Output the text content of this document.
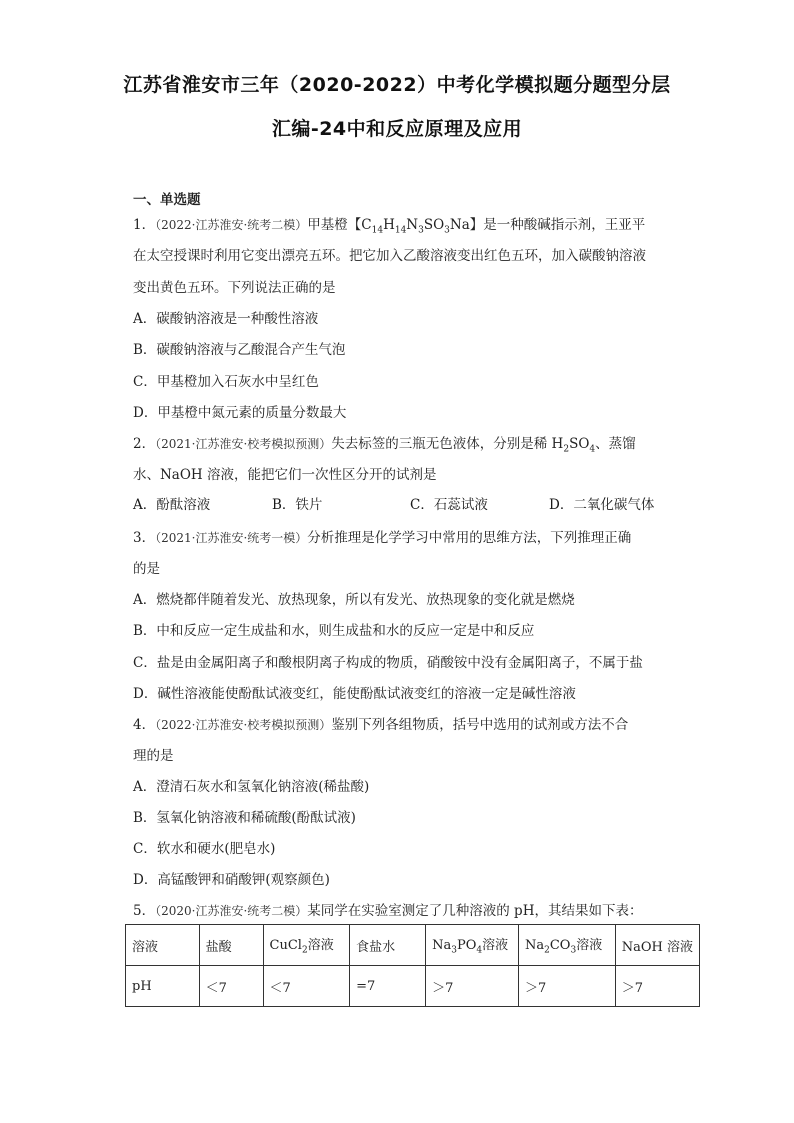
江苏省淮安市三年（2020-2022）中考化学模拟题分题型分层
汇编-24中和反应原理及应用
一、单选题
1．（2022·江苏淮安·统考二模）甲基橙【$C_{14}H_{14}N_3SO_3Na$】是一种酸碱指示剂，王亚平
在太空授课时利用它变出漂亮五环。把它加入乙酸溶液变出红色五环，加入碳酸钠溶液
变出黄色五环。下列说法正确的是
A．碳酸钠溶液是一种酸性溶液
B．碳酸钠溶液与乙酸混合产生气泡
C．甲基橙加入石灰水中呈红色
D．甲基橙中氮元素的质量分数最大
2．（2021·江苏淮安·校考模拟预测）失去标签的三瓶无色液体，分别是稀 $H_2SO_4$、蒸馏
水、NaOH 溶液，能把它们一次性区分开的试剂是
A．酚酞溶液	B．铁片	C．石蕊试液	D．二氧化碳气体
3．（2021·江苏淮安·统考一模）分析推理是化学学习中常用的思维方法，下列推理正确
的是
A．燃烧都伴随着发光、放热现象，所以有发光、放热现象的变化就是燃烧
B．中和反应一定生成盐和水，则生成盐和水的反应一定是中和反应
C．盐是由金属阳离子和酸根阴离子构成的物质，硝酸铵中没有金属阳离子，不属于盐
D．碱性溶液能使酚酞试液变红，能使酚酞试液变红的溶液一定是碱性溶液
4．（2022·江苏淮安·校考模拟预测）鉴别下列各组物质，括号中选用的试剂或方法不合
理的是
A．澄清石灰水和氢氧化钠溶液(稀盐酸)
B．氢氧化钠溶液和稀硫酸(酚酞试液)
C．软水和硬水(肥皂水)
D．高锰酸钾和硝酸钾(观察颜色)
5．（2020·江苏淮安·统考二模）某同学在实验室测定了几种溶液的 pH，其结果如下表：
溶液	盐酸	CuCl$_2$溶液	食盐水	$Na_3PO_4$溶液	$Na_2CO_3$溶液	NaOH 溶液
pH	＜7	＜7	=7	＞7	＞7	＞7
